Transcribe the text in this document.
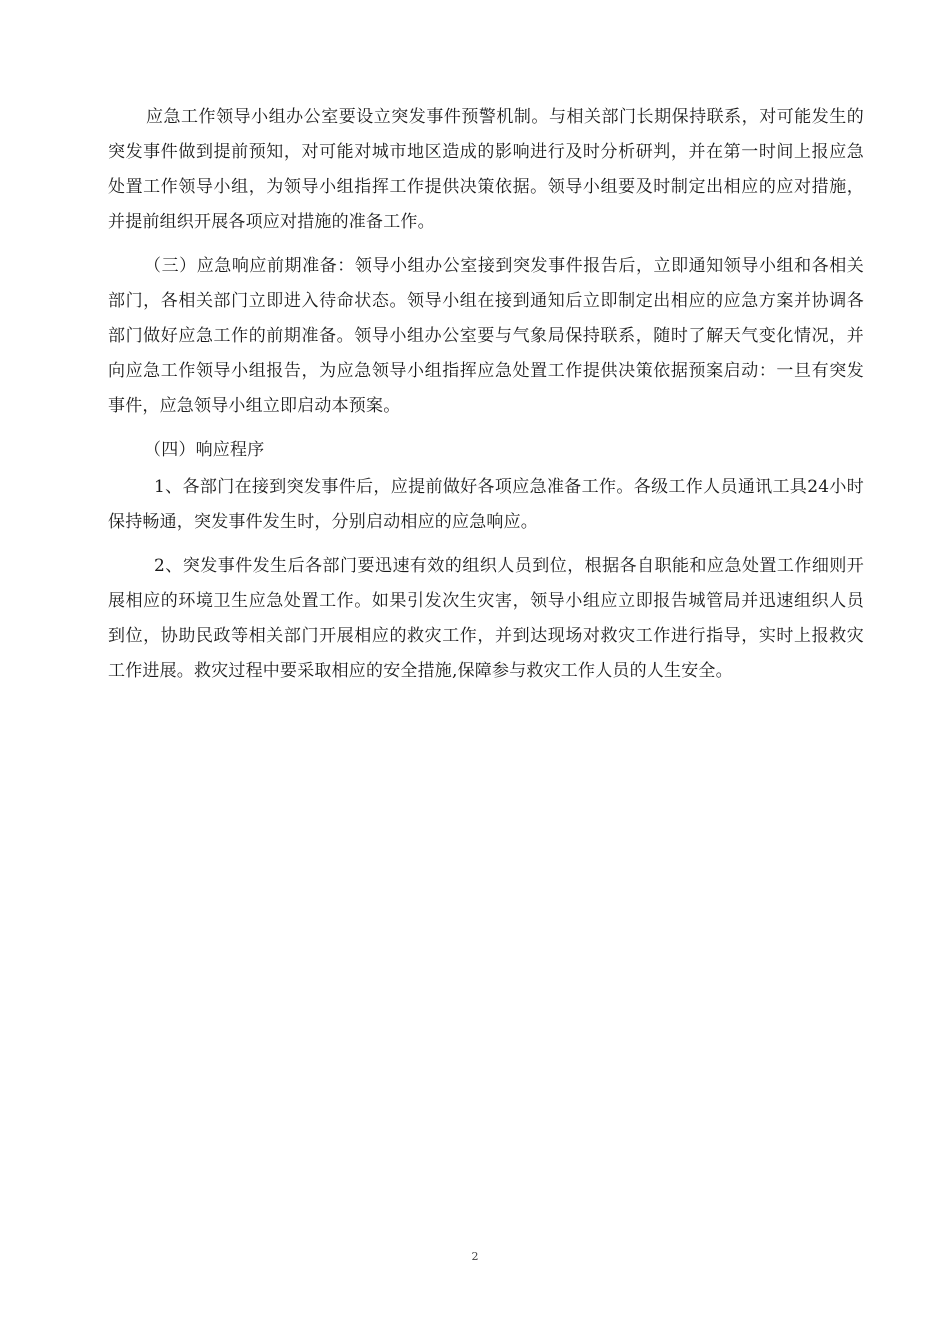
应急工作领导小组办公室要设立突发事件预警机制。与相关部门长期保持联系，对可能发生的突发事件做到提前预知，对可能对城市地区造成的影响进行及时分析研判，并在第一时间上报应急处置工作领导小组，为领导小组指挥工作提供决策依据。领导小组要及时制定出相应的应对措施，并提前组织开展各项应对措施的准备工作。

（三）应急响应前期准备：领导小组办公室接到突发事件报告后，立即通知领导小组和各相关部门，各相关部门立即进入待命状态。领导小组在接到通知后立即制定出相应的应急方案并协调各部门做好应急工作的前期准备。领导小组办公室要与气象局保持联系，随时了解天气变化情况，并向应急工作领导小组报告，为应急领导小组指挥应急处置工作提供决策依据预案启动：一旦有突发事件，应急领导小组立即启动本预案。

（四）响应程序

1、各部门在接到突发事件后，应提前做好各项应急准备工作。各级工作人员通讯工具24小时保持畅通，突发事件发生时，分别启动相应的应急响应。

2、突发事件发生后各部门要迅速有效的组织人员到位，根据各自职能和应急处置工作细则开展相应的环境卫生应急处置工作。如果引发次生灾害，领导小组应立即报告城管局并迅速组织人员到位，协助民政等相关部门开展相应的救灾工作，并到达现场对救灾工作进行指导，实时上报救灾工作进展。救灾过程中要采取相应的安全措施,保障参与救灾工作人员的人生安全。

2
